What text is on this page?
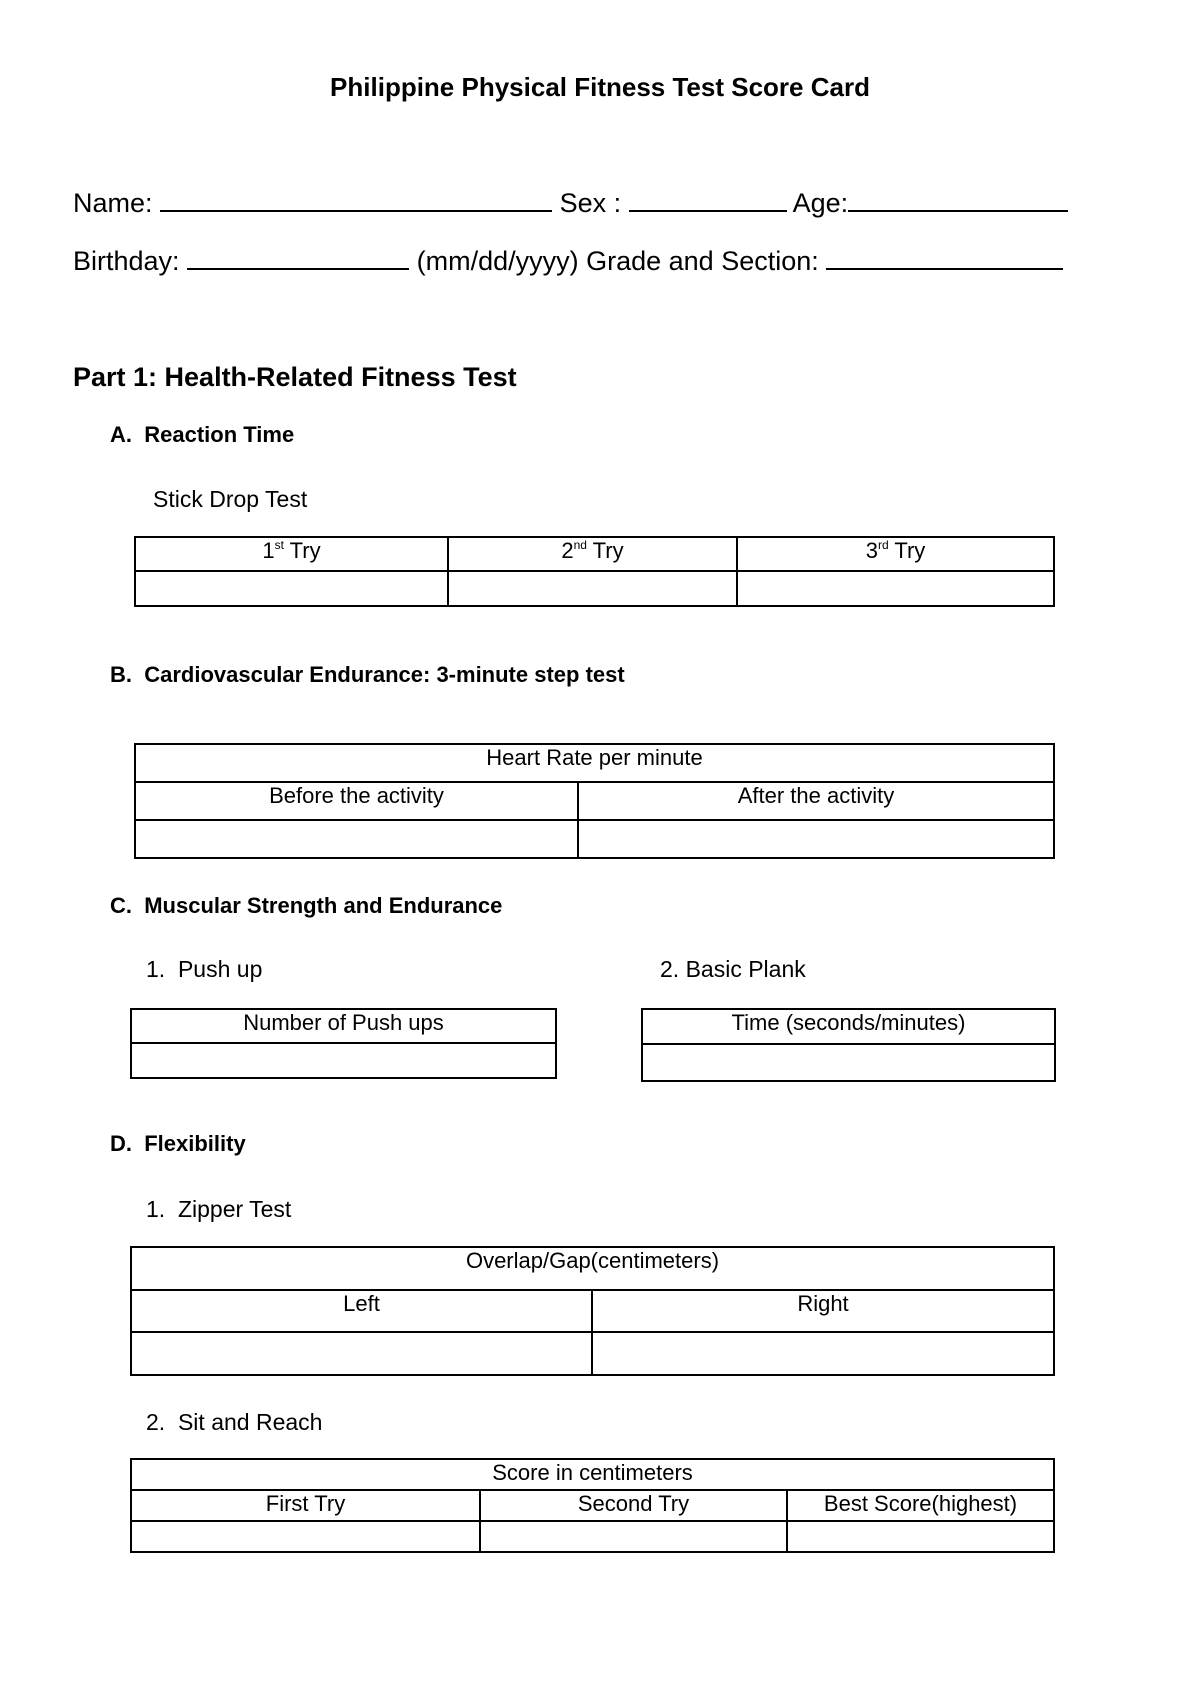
Philippine Physical Fitness Test Score Card
Name:	Sex :	Age:
Birthday:	(mm/dd/yyyy) Grade and Section:
Part 1: Health-Related Fitness Test
A. Reaction Time
Stick Drop Test
1st Try	2nd Try	3rd Try

B. Cardiovascular Endurance: 3-minute step test
Heart Rate per minute	
Before the activity	After the activity

C. Muscular Strength and Endurance
1. Push up	2. Basic Plank
Number of Push ups	Time (seconds/minutes)

D. Flexibility
1. Zipper Test
Overlap/Gap(centimeters)	
Left	Right

2. Sit and Reach
Score in centimeters		
First Try	Second Try	Best Score(highest)
